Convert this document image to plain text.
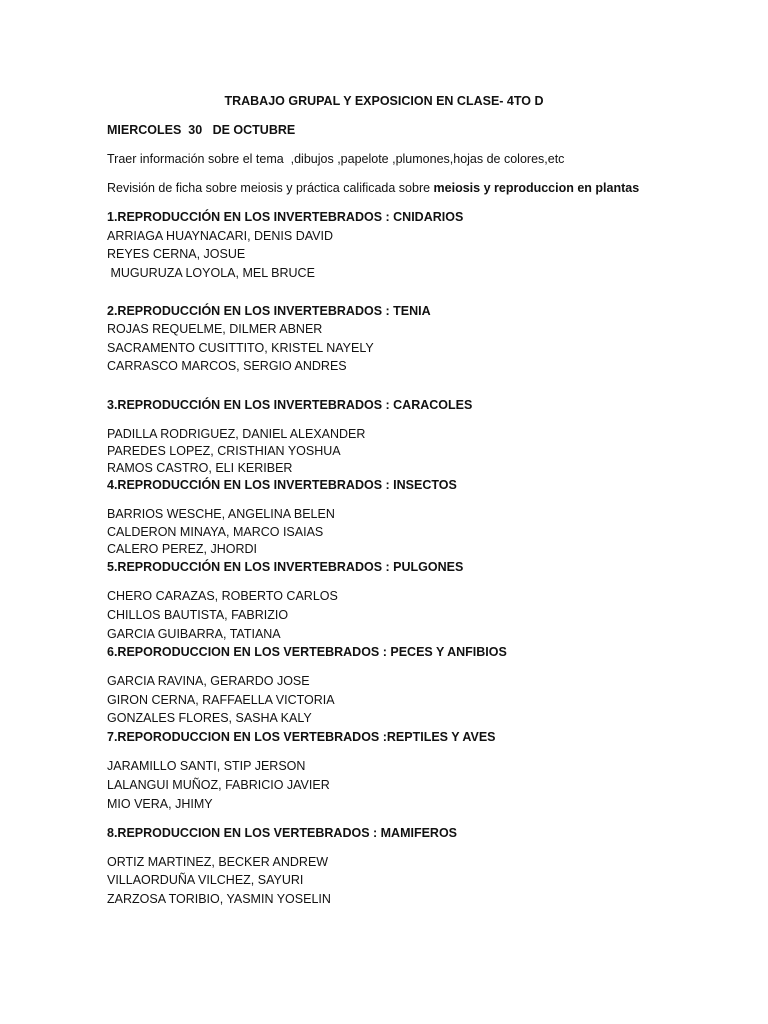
TRABAJO GRUPAL Y EXPOSICION EN CLASE- 4TO D
MIERCOLES  30   DE OCTUBRE
Traer información sobre el tema  ,dibujos ,papelote ,plumones,hojas de colores,etc
Revisión de ficha sobre meiosis y práctica calificada sobre meiosis y reproduccion en plantas
1.REPRODUCCIÓN EN LOS INVERTEBRADOS : CNIDARIOS
ARRIAGA HUAYNACARI, DENIS DAVID
REYES CERNA, JOSUE
MUGURUZA LOYOLA, MEL BRUCE
2.REPRODUCCIÓN EN LOS INVERTEBRADOS : TENIA
ROJAS REQUELME, DILMER ABNER
SACRAMENTO CUSITTITO, KRISTEL NAYELY
CARRASCO MARCOS, SERGIO ANDRES
3.REPRODUCCIÓN EN LOS INVERTEBRADOS : CARACOLES
PADILLA RODRIGUEZ, DANIEL ALEXANDER
PAREDES LOPEZ, CRISTHIAN YOSHUA
RAMOS CASTRO, ELI KERIBER
4.REPRODUCCIÓN EN LOS INVERTEBRADOS : INSECTOS
BARRIOS WESCHE, ANGELINA BELEN
CALDERON MINAYA, MARCO ISAIAS
CALERO PEREZ, JHORDI
5.REPRODUCCIÓN EN LOS INVERTEBRADOS : PULGONES
CHERO CARAZAS, ROBERTO CARLOS
CHILLOS BAUTISTA, FABRIZIO
GARCIA GUIBARRA, TATIANA
6.REPORODUCCION EN LOS VERTEBRADOS : PECES Y ANFIBIOS
GARCIA RAVINA, GERARDO JOSE
GIRON CERNA, RAFFAELLA VICTORIA
GONZALES FLORES, SASHA KALY
7.REPORODUCCION EN LOS VERTEBRADOS :REPTILES Y AVES
JARAMILLO SANTI, STIP JERSON
LALANGUI MUÑOZ, FABRICIO JAVIER
MIO VERA, JHIMY
8.REPRODUCCION EN LOS VERTEBRADOS : MAMIFEROS
ORTIZ MARTINEZ, BECKER ANDREW
VILLAORDUÑA VILCHEZ, SAYURI
ZARZOSA TORIBIO, YASMIN YOSELIN
